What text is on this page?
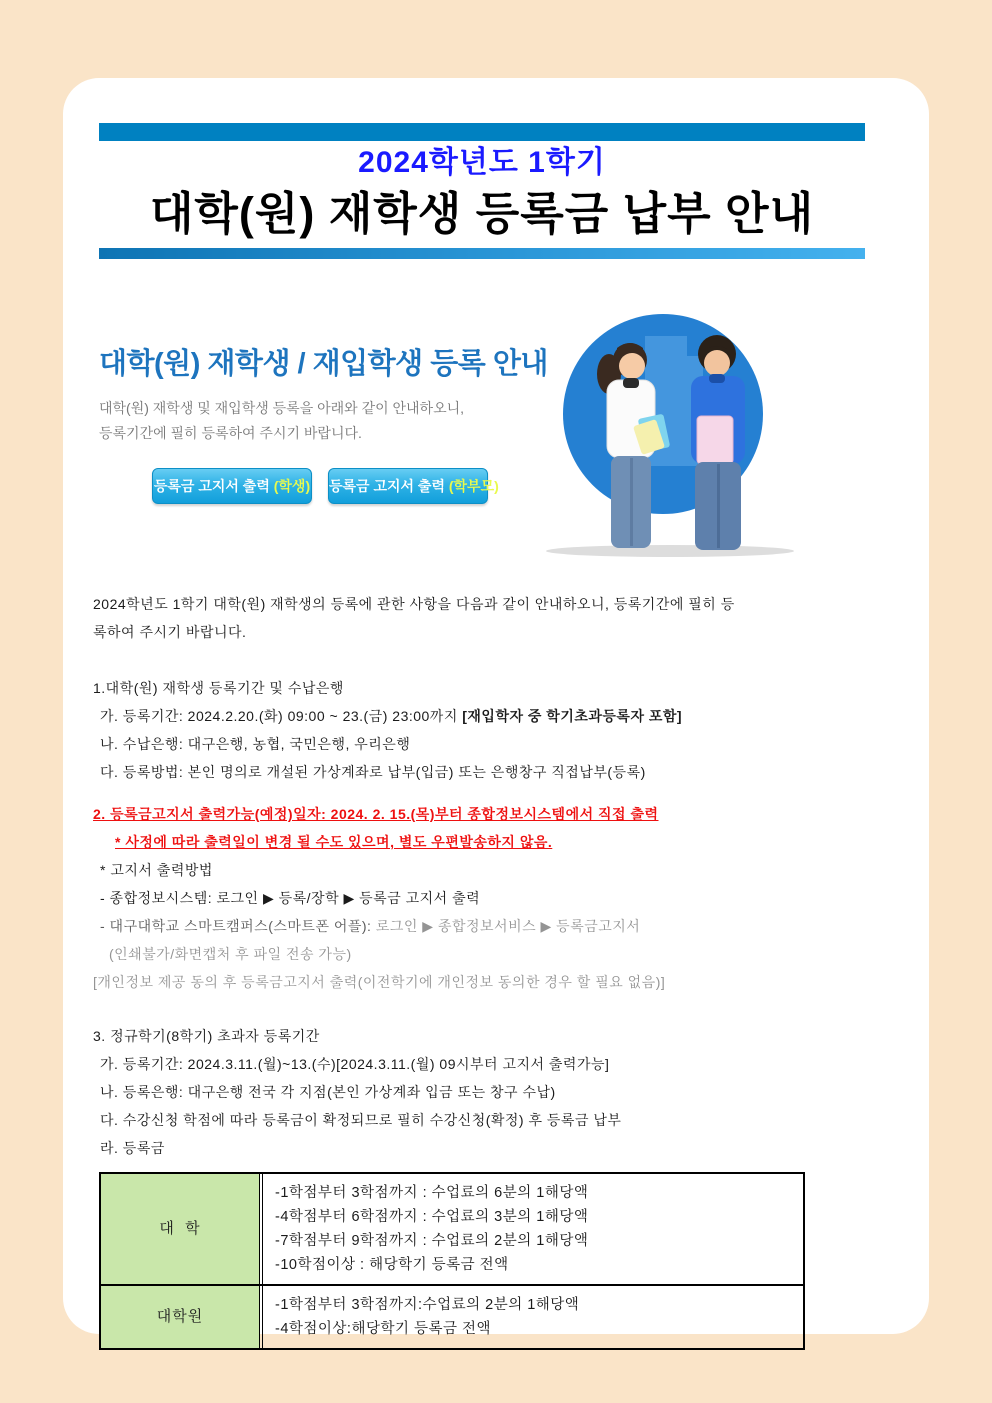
2024학년도 1학기
대학(원) 재학생 등록금 납부 안내
대학(원) 재학생 / 재입학생 등록 안내
대학(원) 재학생 및 재입학생 등록을 아래와 같이 안내하오니,
등록기간에 필히 등록하여 주시기 바랍니다.
등록금 고지서 출력 (학생) 등록금 고지서 출력 (학부모)
2024학년도 1학기 대학(원) 재학생의 등록에 관한 사항을 다음과 같이 안내하오니, 등록기간에 필히 등
록하여 주시기 바랍니다.
1.대학(원) 재학생 등록기간 및 수납은행
가. 등록기간: 2024.2.20.(화) 09:00 ~ 23.(금) 23:00까지 [재입학자 중 학기초과등록자 포함]
나. 수납은행: 대구은행, 농협, 국민은행, 우리은행
다. 등록방법: 본인 명의로 개설된 가상계좌로 납부(입금) 또는 은행창구 직접납부(등록)
2. 등록금고지서 출력가능(예정)일자: 2024. 2. 15.(목)부터 종합정보시스템에서 직접 출력
* 사정에 따라 출력일이 변경 될 수도 있으며, 별도 우편발송하지 않음.
* 고지서 출력방법
- 종합정보시스템: 로그인 ▶ 등록/장학 ▶ 등록금 고지서 출력
- 대구대학교 스마트캠퍼스(스마트폰 어플): 로그인 ▶ 종합정보서비스 ▶ 등록금고지서
(인쇄불가/화면캡처 후 파일 전송 가능)
[개인정보 제공 동의 후 등록금고지서 출력(이전학기에 개인정보 동의한 경우 할 필요 없음)]
3. 정규학기(8학기) 초과자 등록기간
가. 등록기간: 2024.3.11.(월)~13.(수)[2024.3.11.(월) 09시부터 고지서 출력가능]
나. 등록은행: 대구은행 전국 각 지점(본인 가상계좌 입금 또는 창구 수납)
다. 수강신청 학점에 따라 등록금이 확정되므로 필히 수강신청(확정) 후 등록금 납부
라. 등록금
대  학
-1학점부터 3학점까지 : 수업료의 6분의 1해당액
-4학점부터 6학점까지 : 수업료의 3분의 1해당액
-7학점부터 9학점까지 : 수업료의 2분의 1해당액
-10학점이상 : 해당학기 등록금 전액
대학원
-1학점부터 3학점까지:수업료의 2분의 1해당액
-4학점이상:해당학기 등록금 전액
